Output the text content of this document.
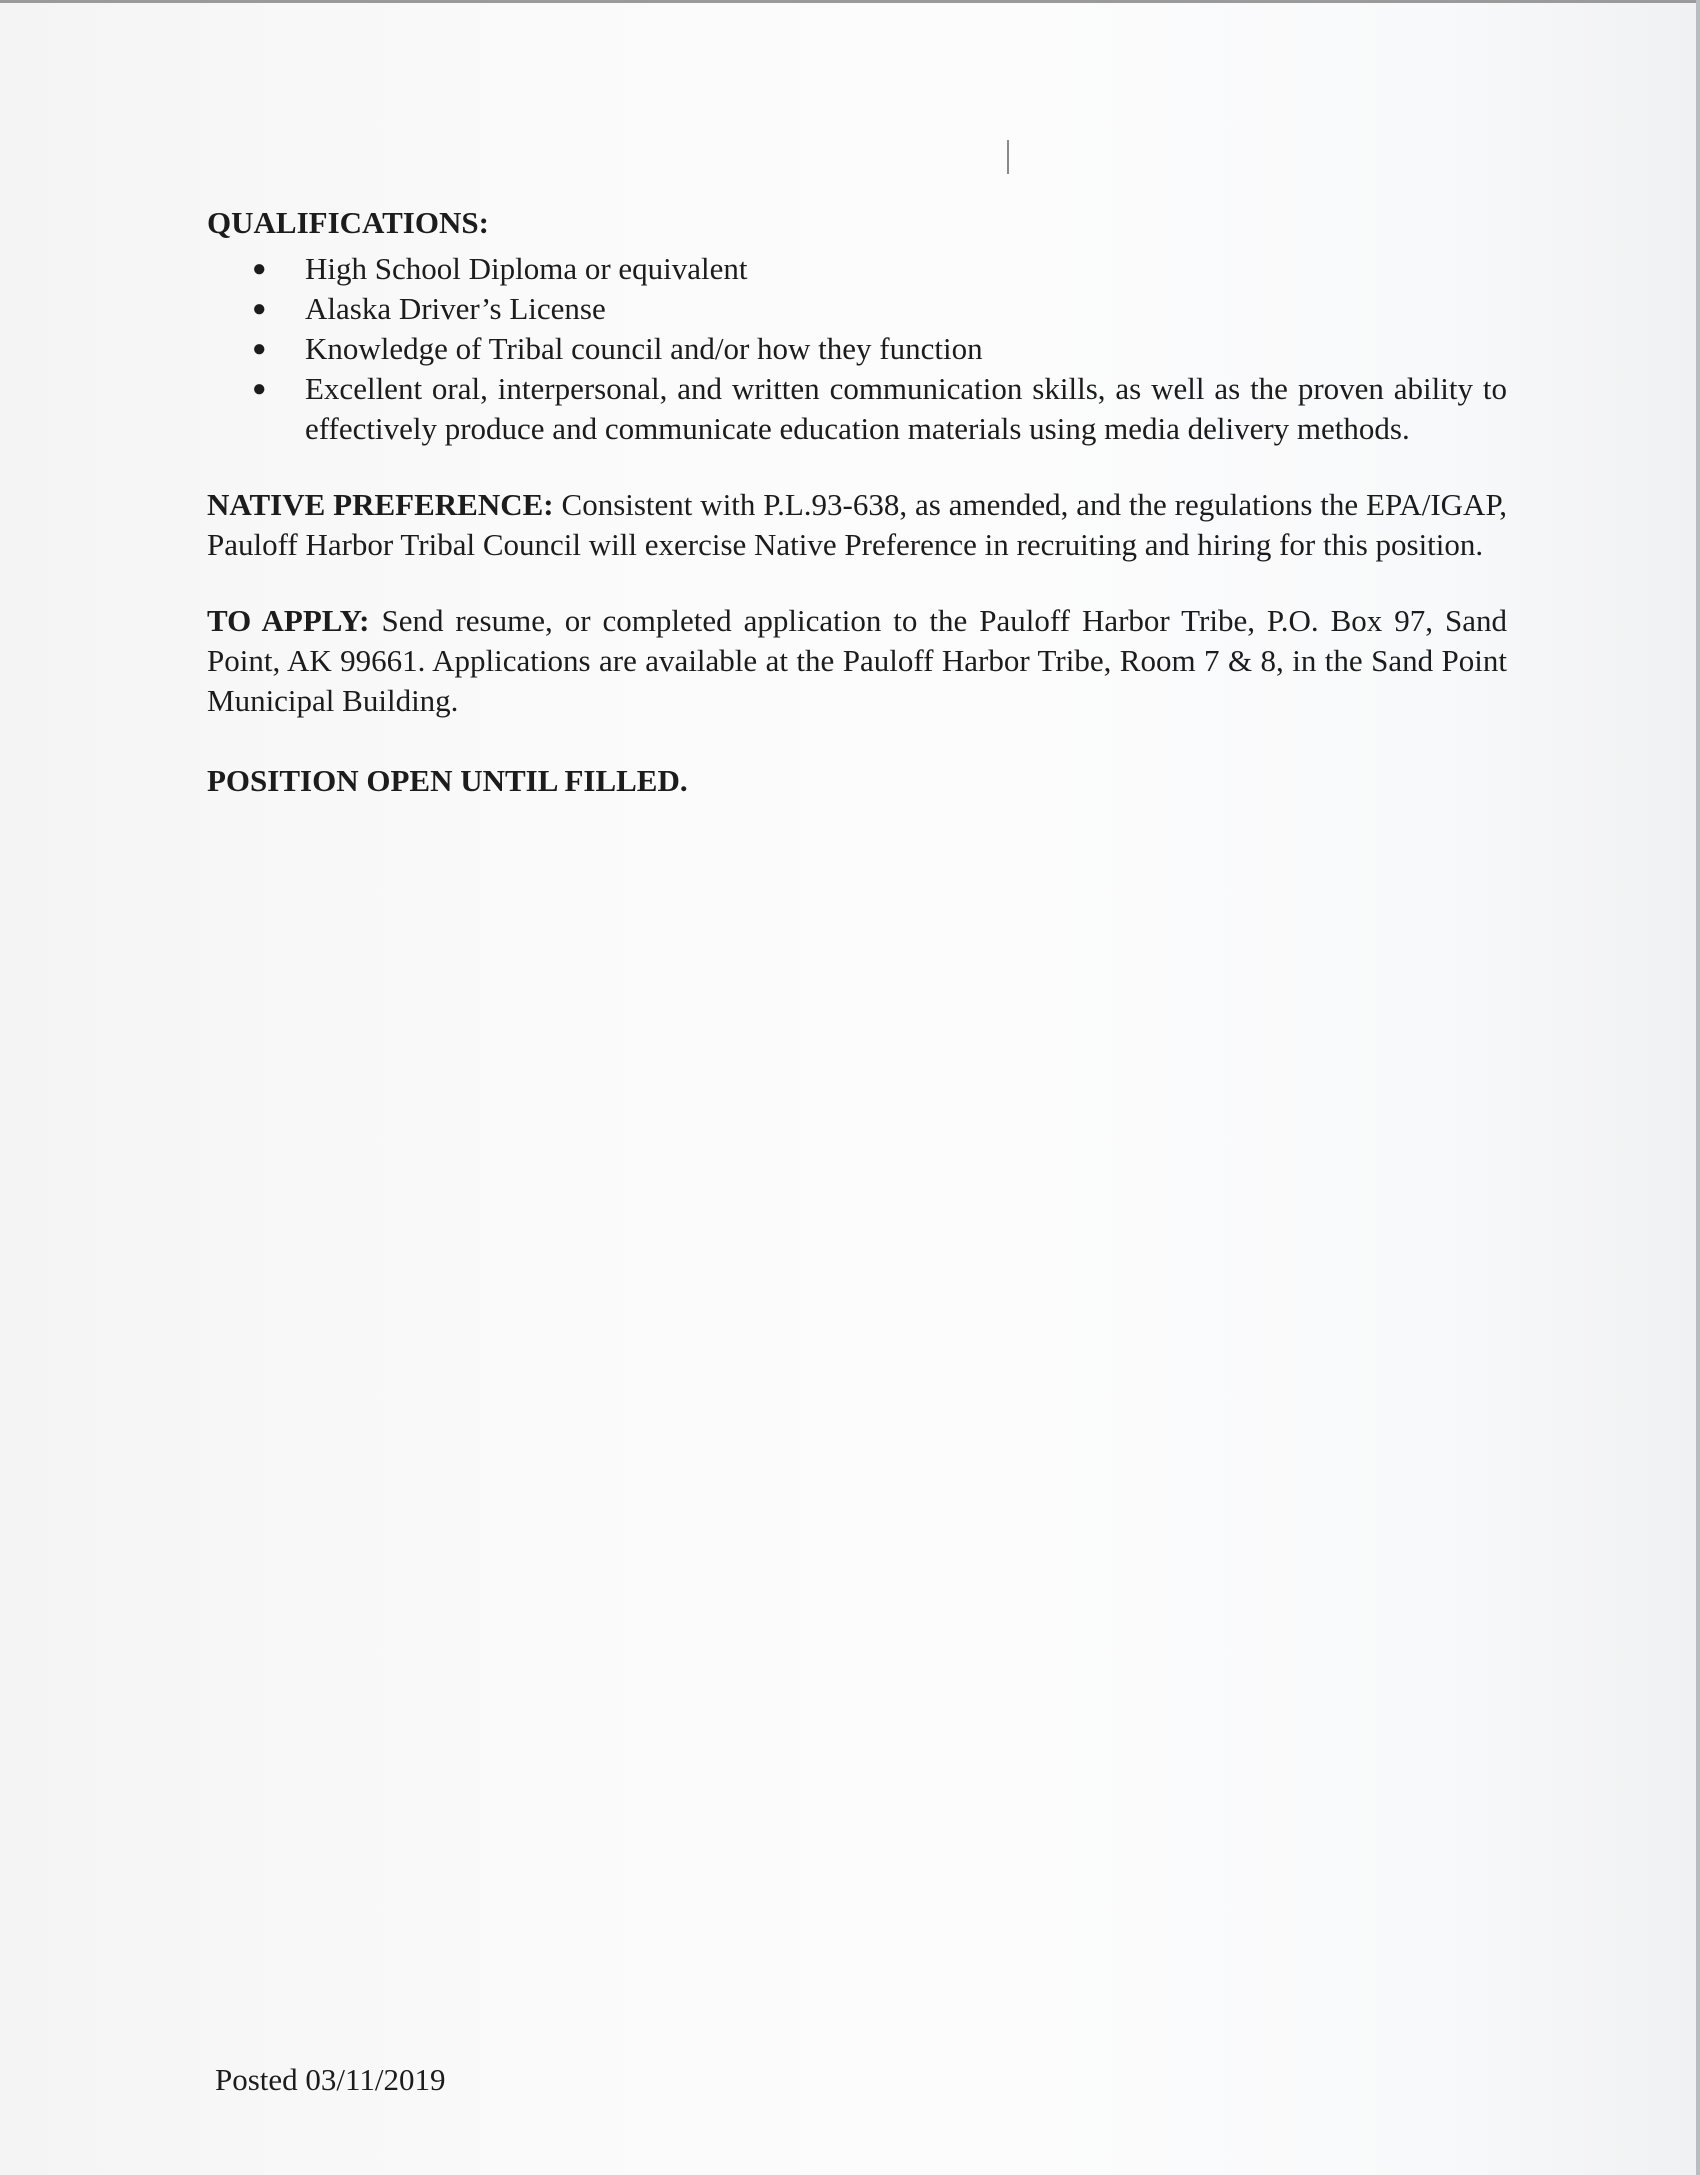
QUALIFICATIONS:

● High School Diploma or equivalent
● Alaska Driver’s License
● Knowledge of Tribal council and/or how they function
● Excellent oral, interpersonal, and written communication skills, as well as the proven ability to effectively produce and communicate education materials using media delivery methods.

NATIVE PREFERENCE: Consistent with P.L.93-638, as amended, and the regulations the EPA/IGAP, Pauloff Harbor Tribal Council will exercise Native Preference in recruiting and hiring for this position.

TO APPLY: Send resume, or completed application to the Pauloff Harbor Tribe, P.O. Box 97, Sand Point, AK 99661. Applications are available at the Pauloff Harbor Tribe, Room 7 & 8, in the Sand Point Municipal Building.

POSITION OPEN UNTIL FILLED.

Posted 03/11/2019
